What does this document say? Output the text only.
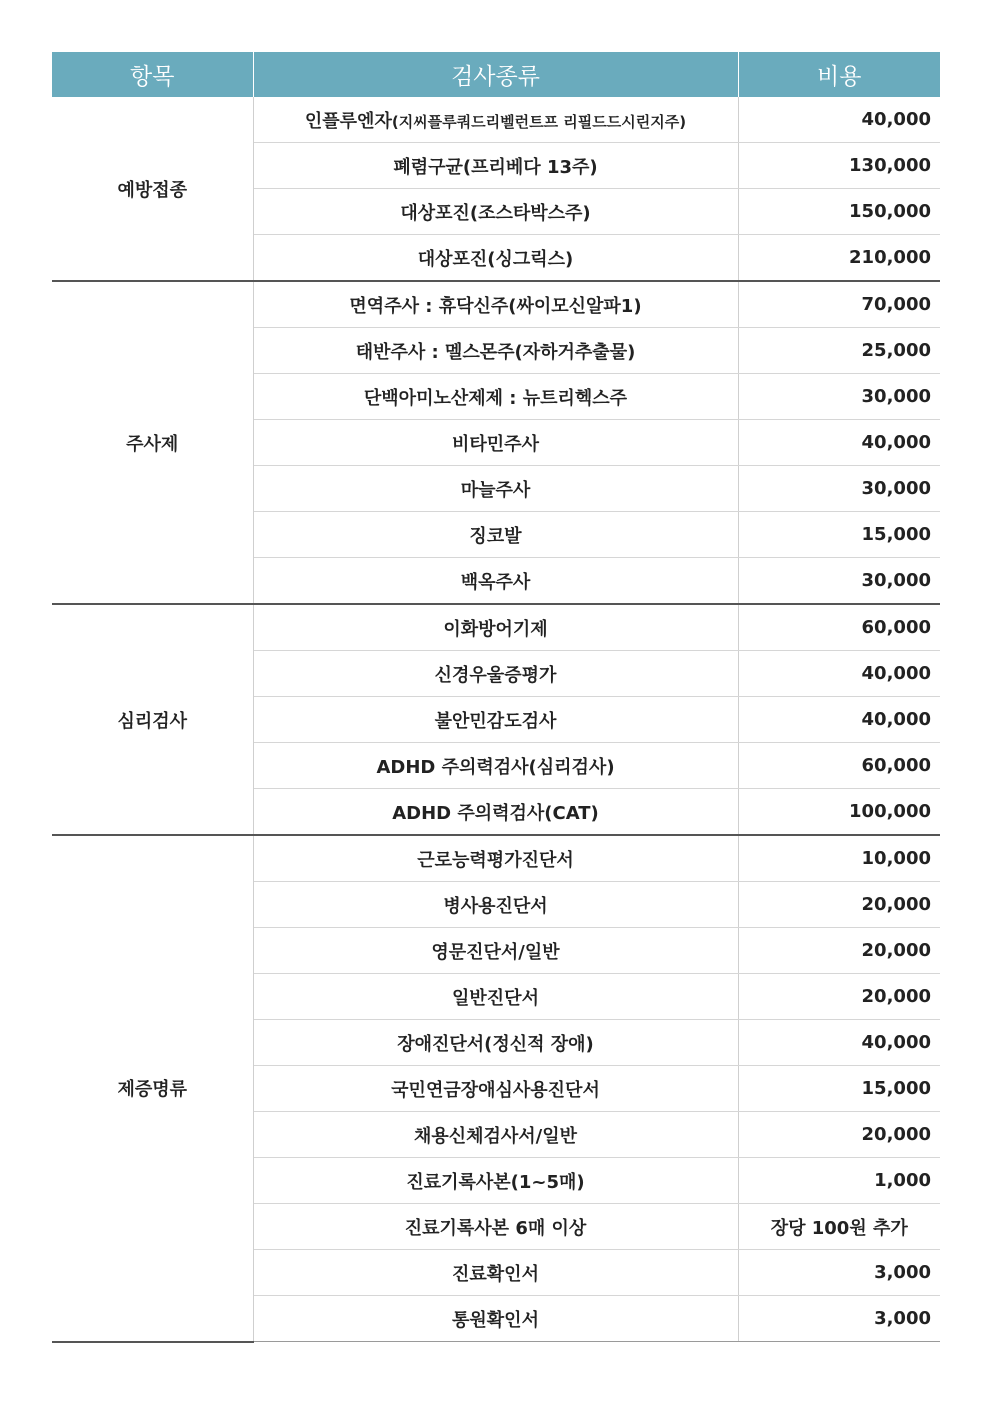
항목	검사종류	비용
예방접종	인플루엔자(지씨플루쿼드리벨런트프 리필드드시린지주)	40,000
	폐렴구균(프리베다 13주)	130,000
	대상포진(조스타박스주)	150,000
	대상포진(싱그릭스)	210,000
주사제	면역주사 : 휴닥신주(싸이모신알파1)	70,000
	태반주사 : 멜스몬주(자하거추출물)	25,000
	단백아미노산제제 : 뉴트리헥스주	30,000
	비타민주사	40,000
	마늘주사	30,000
	징코발	15,000
	백옥주사	30,000
심리검사	이화방어기제	60,000
	신경우울증평가	40,000
	불안민감도검사	40,000
	ADHD 주의력검사(심리검사)	60,000
	ADHD 주의력검사(CAT)	100,000
제증명류	근로능력평가진단서	10,000
	병사용진단서	20,000
	영문진단서/일반	20,000
	일반진단서	20,000
	장애진단서(정신적 장애)	40,000
	국민연금장애심사용진단서	15,000
	채용신체검사서/일반	20,000
	진료기록사본(1~5매)	1,000
	진료기록사본 6매 이상	장당 100원 추가
	진료확인서	3,000
	통원확인서	3,000
